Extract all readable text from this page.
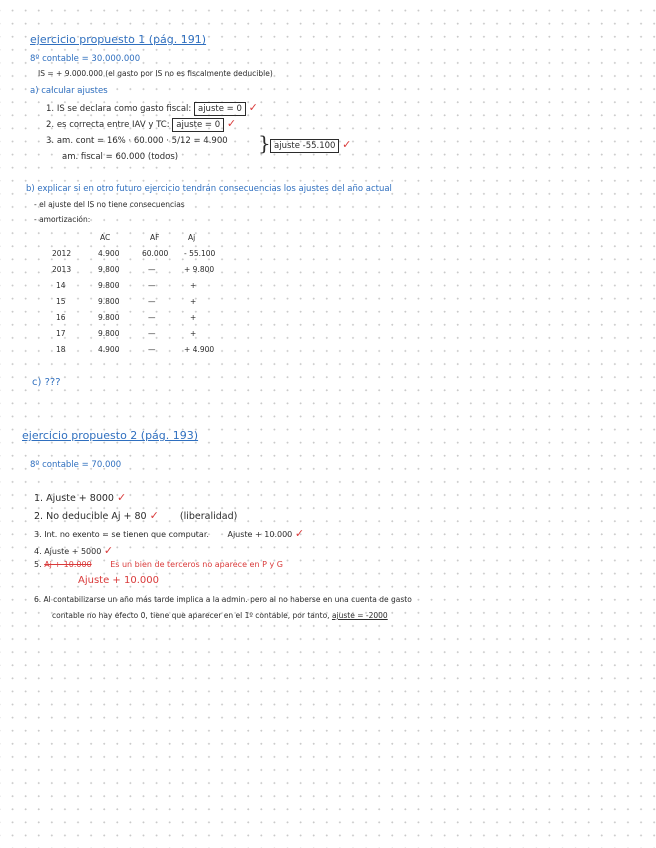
ejercicio propuesto 1 (pág. 191)
8º contable = 30.000.000
IS = + 9.000.000 (el gasto por IS no es fiscalmente deducible)
a) calcular ajustes
1. IS se declara como gasto fiscal: ajuste = 0 ✓
2. es correcta entre IAV y TC: ajuste = 0 ✓
3. am. cont = 16% · 60.000 · 5/12 = 4.900
am. fiscal = 60.000 (todos)
} ajuste -55.100 ✓
b) explicar si en otro futuro ejercicio tendrán consecuencias los ajustes del año actual
- el ajuste del IS no tiene consecuencias
- amortización:
AC	AF	Aj
2012	4.900	60.000 - 55.100
2013	9.800	—	+ 9.800
14	9.800	—	+
15	9.800	—	+
16	9.800	—	+
17	9.800	—	+
18	4.900	—	+ 4.900
c) ???
ejercicio propuesto 2 (pág. 193)
8º contable = 70.000
1. Ajuste + 8000 ✓
2. No deducible Aj + 80 ✓ (liberalidad)
3. Int. no exento = se tienen que computar. Ajuste + 10.000 ✓
4. Ajuste + 5000 ✓
5. Aj + 10.000 Es un bien de terceros no aparece en P y G
Ajuste + 10.000
6. Al contabilizarse un año más tarde implica a la admin. pero al no haberse en una cuenta de gasto
contable no hay efecto 0, tiene que aparecer en el 1º contable, por tanto, ajuste = -2000
